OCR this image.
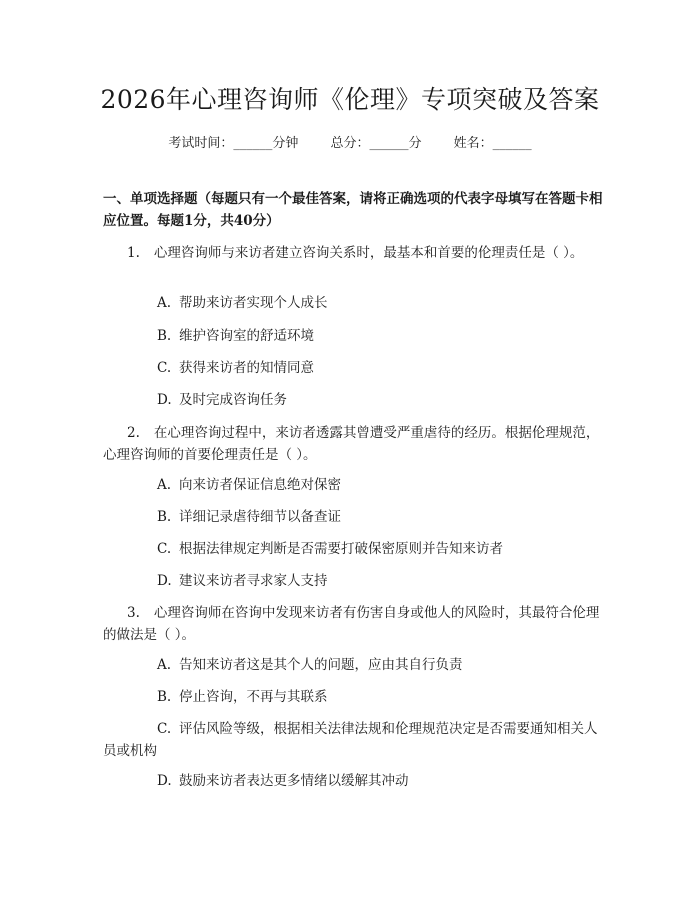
2026年心理咨询师《伦理》专项突破及答案
考试时间：______分钟 总分：______分 姓名：______
一、单项选择题（每题只有一个最佳答案，请将正确选项的代表字母填写在答题卡相应位置。每题1分，共40分）
1. 心理咨询师与来访者建立咨询关系时，最基本和首要的伦理责任是（ ）。
A. 帮助来访者实现个人成长
B. 维护咨询室的舒适环境
C. 获得来访者的知情同意
D. 及时完成咨询任务
2. 在心理咨询过程中，来访者透露其曾遭受严重虐待的经历。根据伦理规范，心理咨询师的首要伦理责任是（ ）。
A. 向来访者保证信息绝对保密
B. 详细记录虐待细节以备查证
C. 根据法律规定判断是否需要打破保密原则并告知来访者
D. 建议来访者寻求家人支持
3. 心理咨询师在咨询中发现来访者有伤害自身或他人的风险时，其最符合伦理的做法是（ ）。
A. 告知来访者这是其个人的问题，应由其自行负责
B. 停止咨询，不再与其联系
C. 评估风险等级，根据相关法律法规和伦理规范决定是否需要通知相关人员或机构
D. 鼓励来访者表达更多情绪以缓解其冲动
